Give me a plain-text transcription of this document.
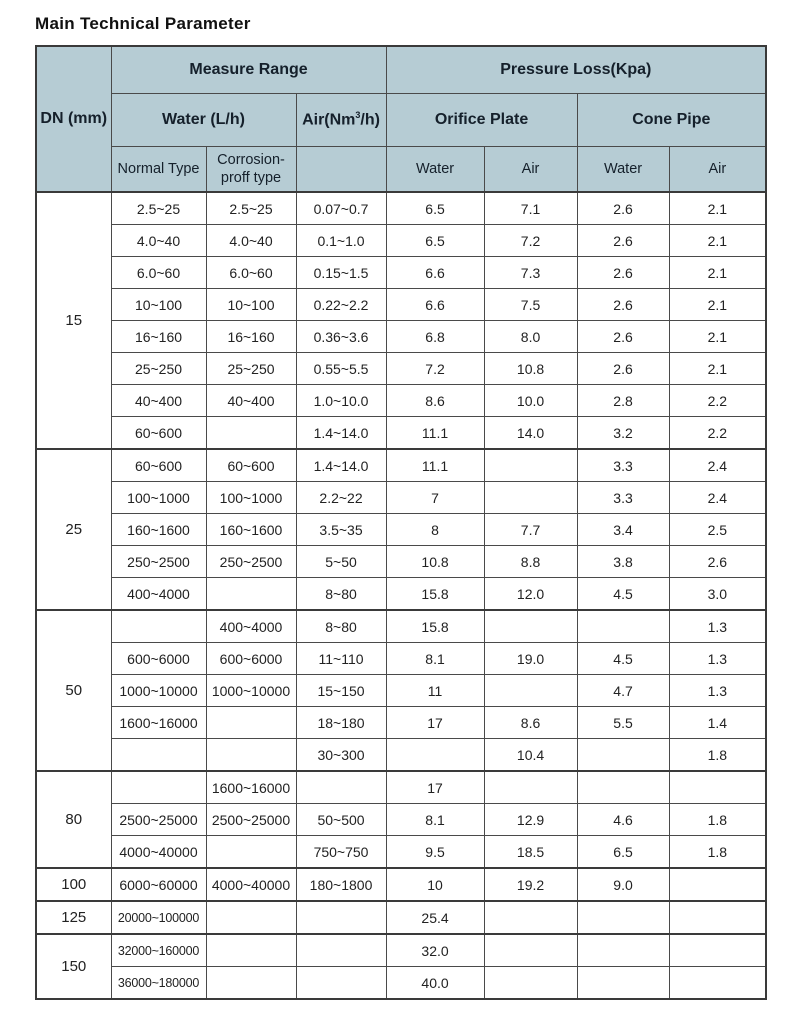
Main Technical Parameter
DN (mm)	Measure Range			Pressure Loss(Kpa)			
	Water (L/h)		Air(Nm$^3$/h)	Orifice Plate		Cone Pipe	
	Normal Type	Corrosion-proff type		Water	Air	Water	Air
15	2.5~25	2.5~25	0.07~0.7	6.5	7.1	2.6	2.1
	4.0~40	4.0~40	0.1~1.0	6.5	7.2	2.6	2.1
	6.0~60	6.0~60	0.15~1.5	6.6	7.3	2.6	2.1
	10~100	10~100	0.22~2.2	6.6	7.5	2.6	2.1
	16~160	16~160	0.36~3.6	6.8	8.0	2.6	2.1
	25~250	25~250	0.55~5.5	7.2	10.8	2.6	2.1
	40~400	40~400	1.0~10.0	8.6	10.0	2.8	2.2
	60~600		1.4~14.0	11.1	14.0	3.2	2.2
25	60~600	60~600	1.4~14.0	11.1		3.3	2.4
	100~1000	100~1000	2.2~22	7		3.3	2.4
	160~1600	160~1600	3.5~35	8	7.7	3.4	2.5
	250~2500	250~2500	5~50	10.8	8.8	3.8	2.6
	400~4000		8~80	15.8	12.0	4.5	3.0
50		400~4000	8~80	15.8			1.3
	600~6000	600~6000	11~110	8.1	19.0	4.5	1.3
	1000~10000	1000~10000	15~150	11		4.7	1.3
	1600~16000		18~180	17	8.6	5.5	1.4
			30~300		10.4		1.8
80		1600~16000		17			
	2500~25000	2500~25000	50~500	8.1	12.9	4.6	1.8
	4000~40000		750~750	9.5	18.5	6.5	1.8
100	6000~60000	4000~40000	180~1800	10	19.2	9.0	
125	20000~100000			25.4			
150	32000~160000			32.0			
	36000~180000			40.0			
